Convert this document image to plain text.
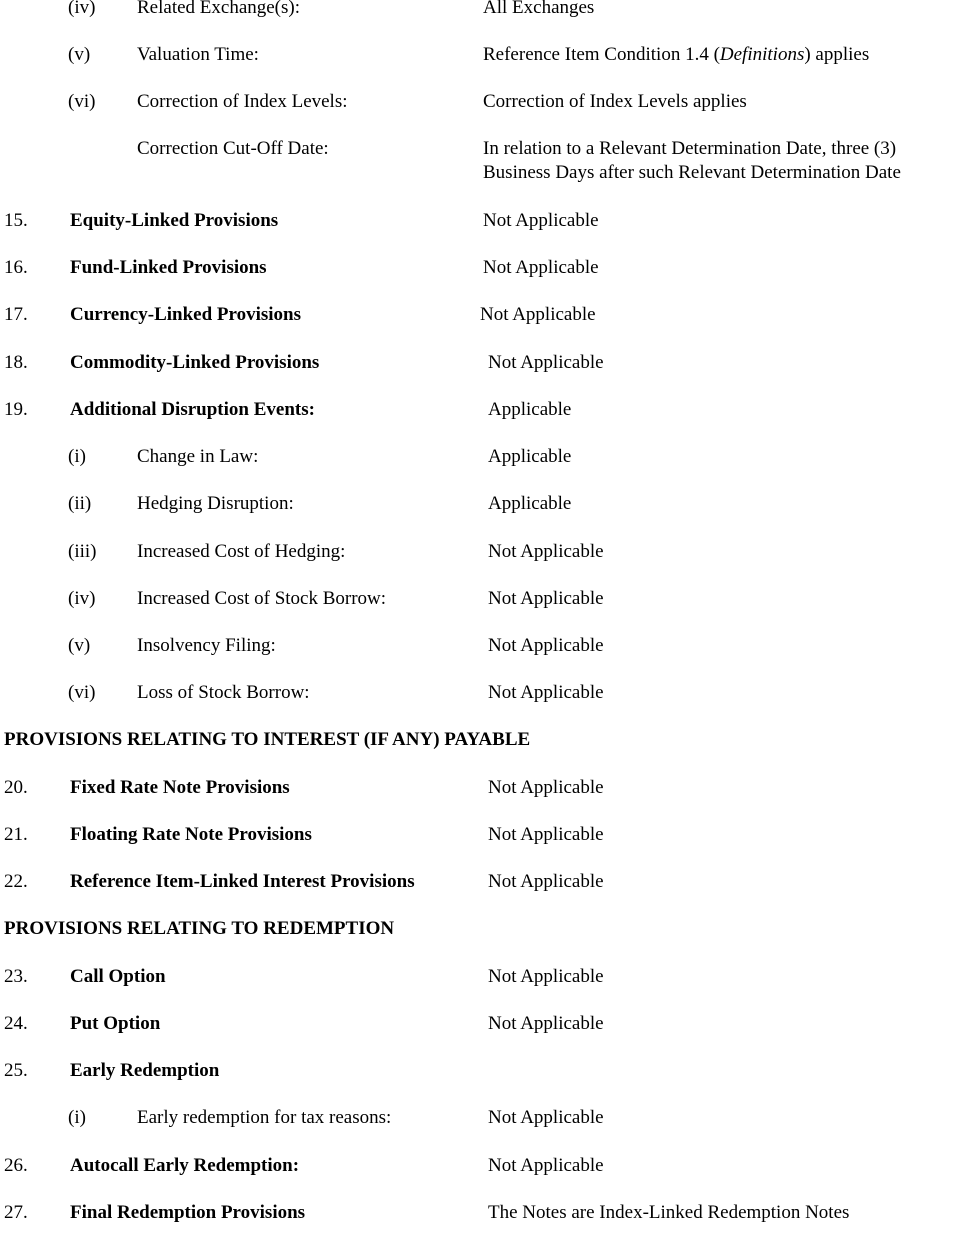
(iv) Related Exchange(s):	All Exchanges
(v) Valuation Time:	Reference Item Condition 1.4 (Definitions) applies
(vi) Correction of Index Levels:	Correction of Index Levels applies
Correction Cut-Off Date:	In relation to a Relevant Determination Date, three (3)
Business Days after such Relevant Determination Date
15. Equity-Linked Provisions	Not Applicable
16. Fund-Linked Provisions	Not Applicable
17. Currency-Linked Provisions	Not Applicable
18. Commodity-Linked Provisions	Not Applicable
19. Additional Disruption Events:	Applicable
(i)	Change in Law:	Applicable
(ii) Hedging Disruption:	Applicable
(iii) Increased Cost of Hedging:	Not Applicable
(iv) Increased Cost of Stock Borrow:	Not Applicable
(v) Insolvency Filing:	Not Applicable
(vi) Loss of Stock Borrow:	Not Applicable
PROVISIONS RELATING TO INTEREST (IF ANY) PAYABLE
20. Fixed Rate Note Provisions	Not Applicable
21. Floating Rate Note Provisions	Not Applicable
22. Reference Item-Linked Interest Provisions	Not Applicable
PROVISIONS RELATING TO REDEMPTION
23. Call Option	Not Applicable
24. Put Option	Not Applicable
25. Early Redemption
(i)	Early redemption for tax reasons:	Not Applicable
26. Autocall Early Redemption:	Not Applicable
27. Final Redemption Provisions	The Notes are Index-Linked Redemption Notes
